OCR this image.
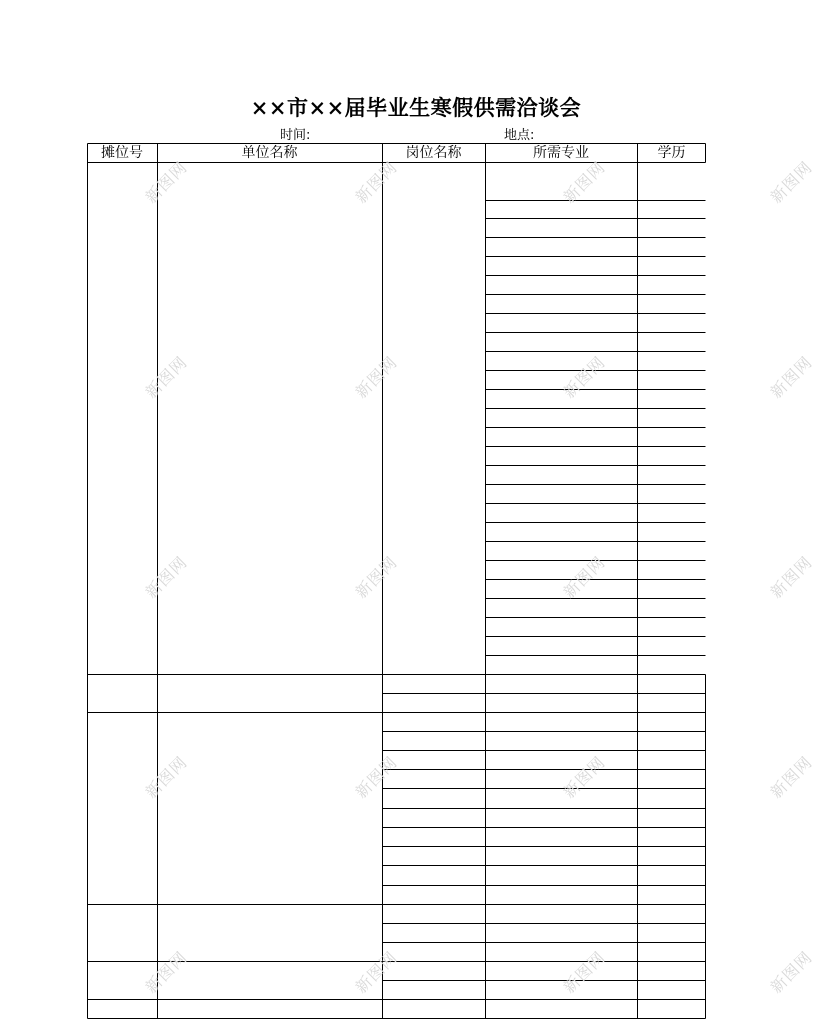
××市××届毕业生寒假供需洽谈会
时间:	地点:
摊位号	单位名称	岗位名称	所需专业	学历
新图网	新图网	新图网	新图网
新图网	新图网	新图网	新图网
新图网	新图网	新图网	新图网
新图网	新图网	新图网	新图网
新图网	新图网	新图网	新图网
